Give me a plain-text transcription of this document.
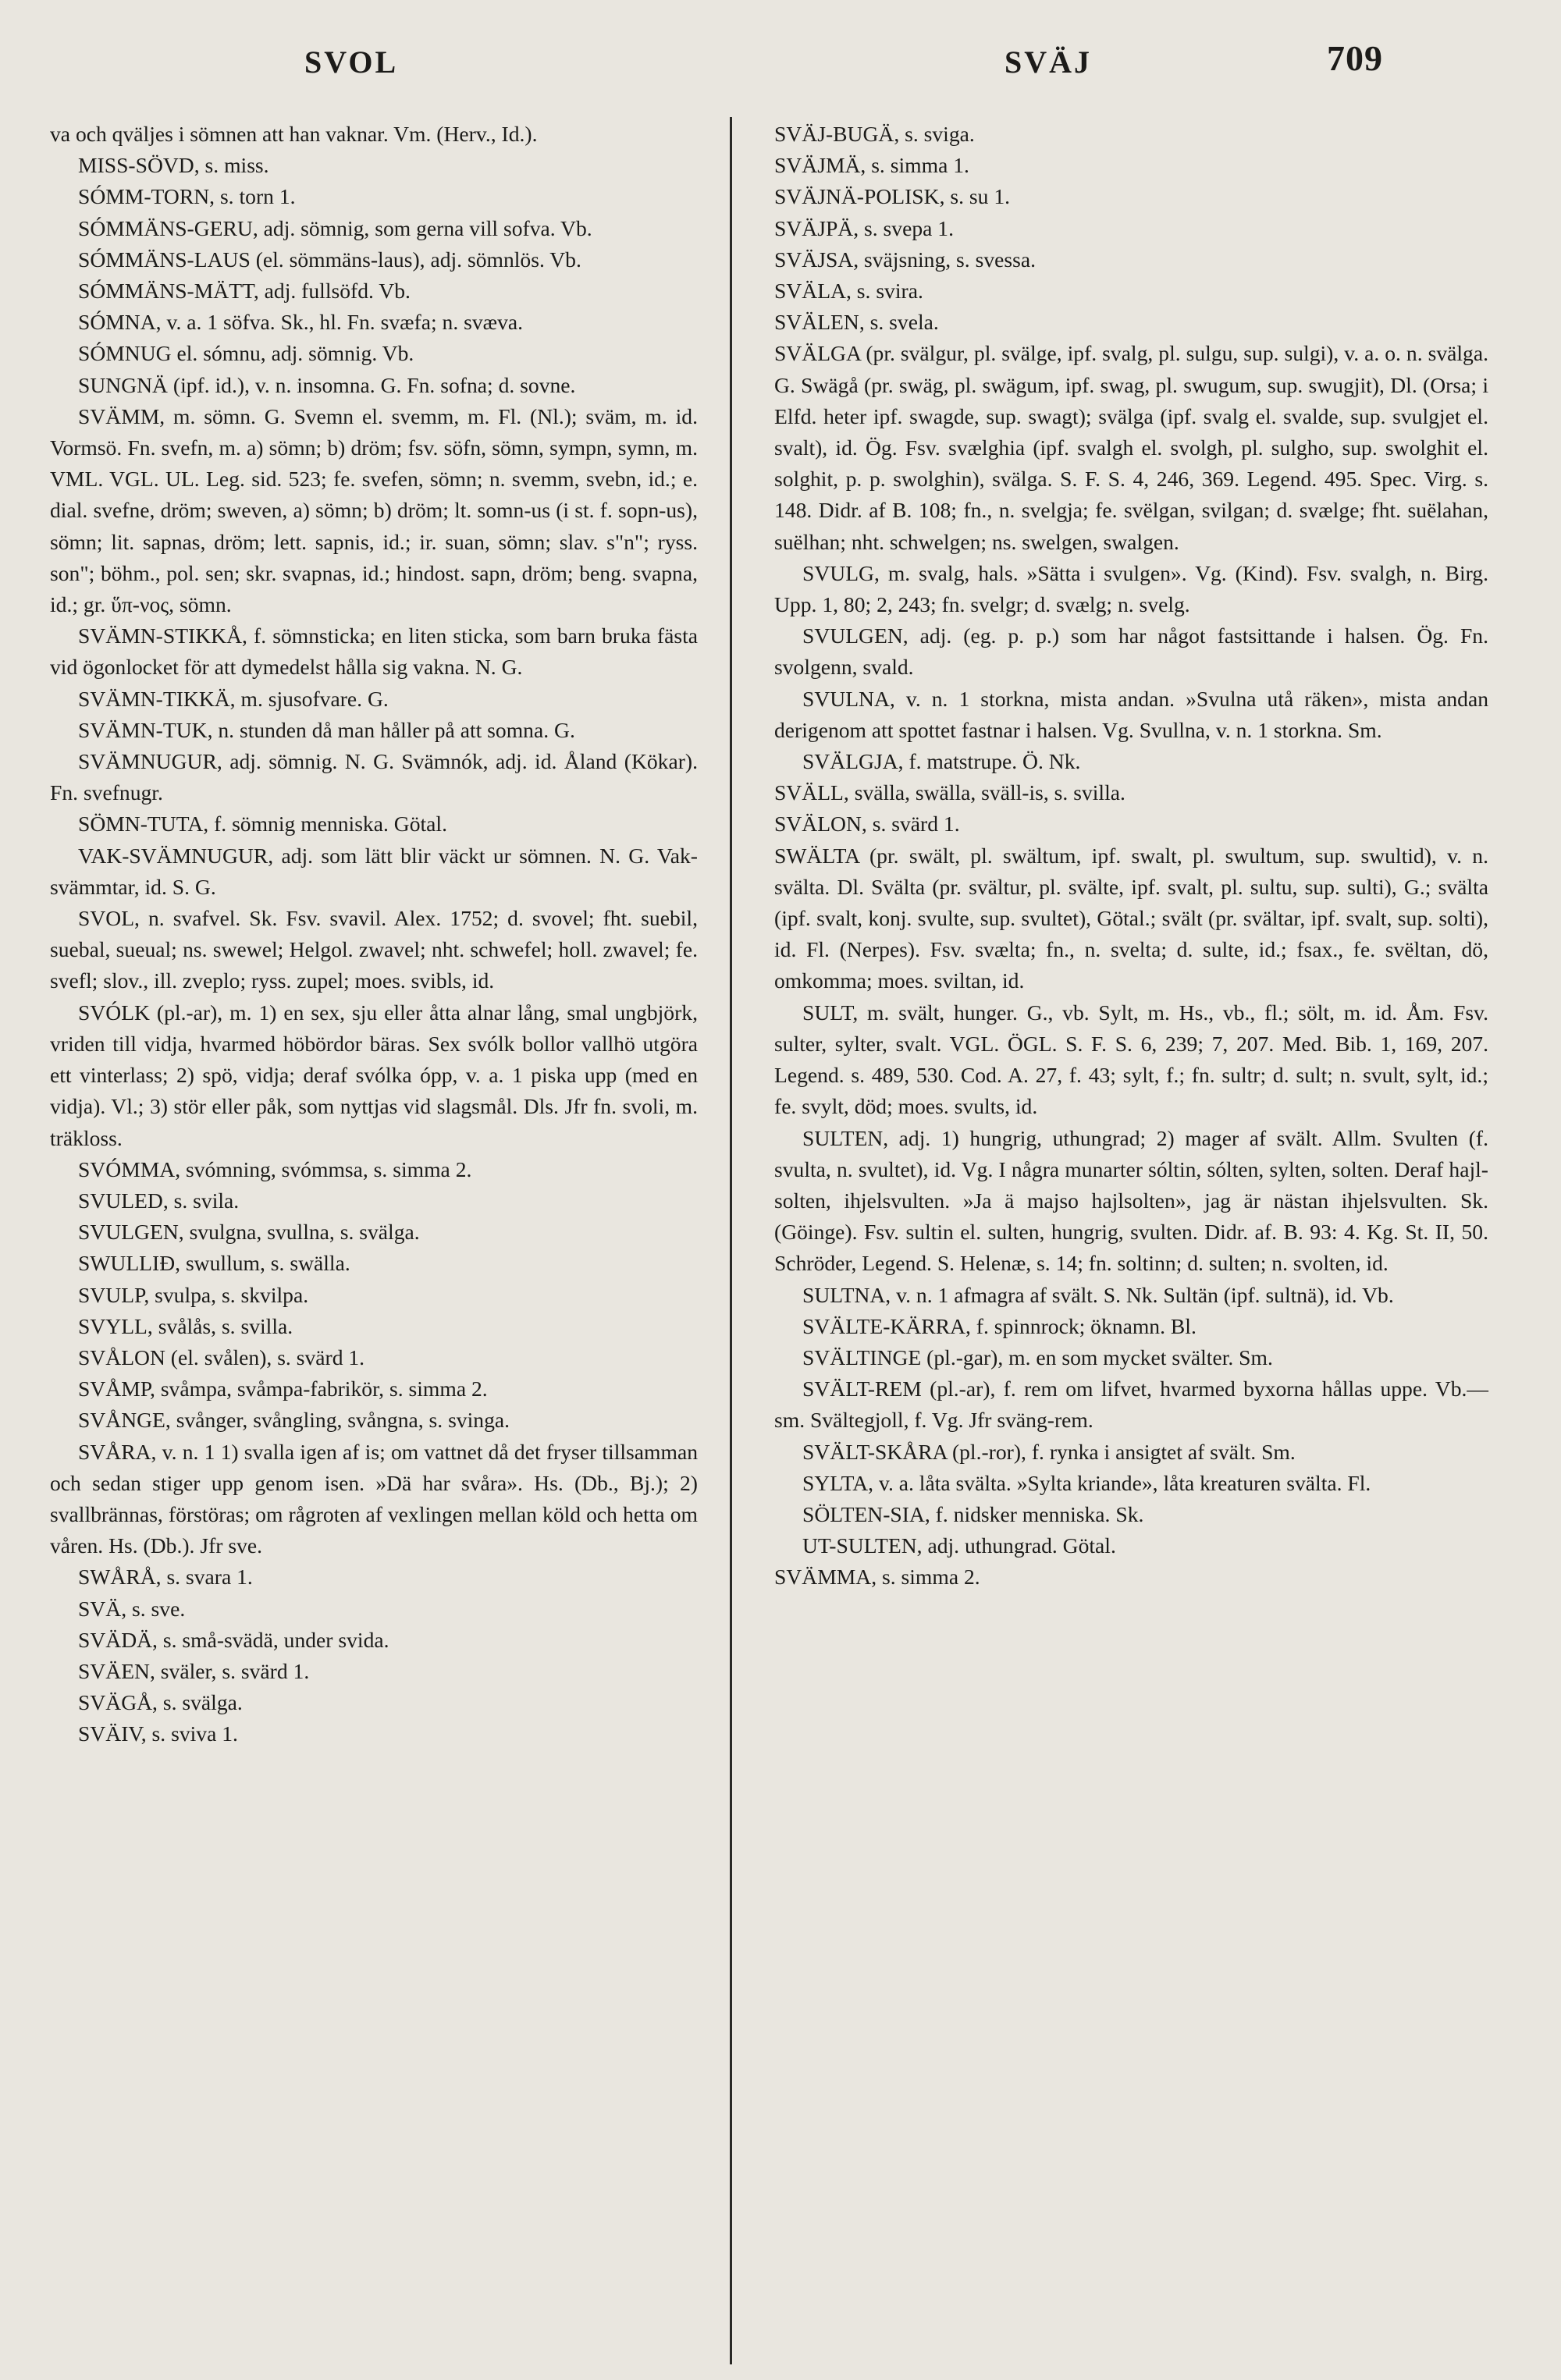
SVOL	SVÄJ	709
va och qväljes i sömnen att han vaknar. Vm. (Herv., Id.).
MISS-SÖVD, s. miss.
SÓMM-TORN, s. torn 1.
SÓMMÄNS-GERU, adj. sömnig, som gerna vill sofva. Vb.
SÓMMÄNS-LAUS (el. sömmäns-laus), adj. sömnlös. Vb.
SÓMMÄNS-MÄTT, adj. fullsöfd. Vb.
SÓMNA, v. a. 1 söfva. Sk., hl. Fn. svæfa; n. svæva.
SÓMNUG el. sómnu, adj. sömnig. Vb.
SUNGNÄ (ipf. id.), v. n. insomna. G. Fn. sofna; d. sovne.
SVÄMM, m. sömn. G. Svemn el. svemm, m. Fl. (Nl.); sväm, m. id. Vormsö. Fn. svefn, m. a) sömn; b) dröm; fsv. söfn, sömn, sympn, symn, m. VML. VGL. UL. Leg. sid. 523; fe. svefen, sömn; n. svemm, svebn, id.; e. dial. svefne, dröm; sweven, a) sömn; b) dröm; lt. somn-us (i st. f. sopn-us), sömn; lit. sapnas, dröm; lett. sapnis, id.; ir. suan, sömn; slav. s"n"; ryss. son"; böhm., pol. sen; skr. svapnas, id.; hindost. sapn, dröm; beng. svapna, id.; gr. ὕπ-νος, sömn.
SVÄMN-STIKKÅ, f. sömnsticka; en liten sticka, som barn bruka fästa vid ögonlocket för att dymedelst hålla sig vakna. N. G.
SVÄMN-TIKKÄ, m. sjusofvare. G.
SVÄMN-TUK, n. stunden då man håller på att somna. G.
SVÄMNUGUR, adj. sömnig. N. G. Svämnók, adj. id. Åland (Kökar). Fn. svefnugr.
SÖMN-TUTA, f. sömnig menniska. Götal.
VAK-SVÄMNUGUR, adj. som lätt blir väckt ur sömnen. N. G. Vak-svämmtar, id. S. G.
SVOL, n. svafvel. Sk. Fsv. svavil. Alex. 1752; d. svovel; fht. suebil, suebal, sueual; ns. swewel; Helgol. zwavel; nht. schwefel; holl. zwavel; fe. svefl; slov., ill. zveplo; ryss. zupel; moes. svibls, id.
SVÓLK (pl.-ar), m. 1) en sex, sju eller åtta alnar lång, smal ungbjörk, vriden till vidja, hvarmed höbördor bäras. Sex svólk bollor vallhö utgöra ett vinterlass; 2) spö, vidja; deraf svólka ópp, v. a. 1 piska upp (med en vidja). Vl.; 3) stör eller påk, som nyttjas vid slagsmål. Dls. Jfr fn. svoli, m. träkloss.
SVÓMMA, svómning, svómmsa, s. simma 2.
SVULED, s. svila.
SVULGEN, svulgna, svullna, s. svälga.
SWULLIÐ, swullum, s. swälla.
SVULP, svulpa, s. skvilpa.
SVYLL, svålås, s. svilla.
SVÅLON (el. svålen), s. svärd 1.
SVÅMP, svåmpa, svåmpa-fabrikör, s. simma 2.
SVÅNGE, svånger, svångling, svångna, s. svinga.
SVÅRA, v. n. 1 1) svalla igen af is; om vattnet då det fryser tillsamman och sedan stiger upp genom isen. »Dä har svåra». Hs. (Db., Bj.); 2) svallbrännas, förstöras; om rågroten af vexlingen mellan köld och hetta om våren. Hs. (Db.). Jfr sve.
SWÅRÅ, s. svara 1.
SVÄ, s. sve.
SVÄDÄ, s. små-svädä, under svida.
SVÄEN, sväler, s. svärd 1.
SVÄGÅ, s. svälga.
SVÄIV, s. sviva 1.
SVÄJ-BUGÄ, s. sviga.
SVÄJMÄ, s. simma 1.
SVÄJNÄ-POLISK, s. su 1.
SVÄJPÄ, s. svepa 1.
SVÄJSA, sväjsning, s. svessa.
SVÄLA, s. svira.
SVÄLEN, s. svela.
SVÄLGA (pr. svälgur, pl. svälge, ipf. svalg, pl. sulgu, sup. sulgi), v. a. o. n. svälga. G. Swägå (pr. swäg, pl. swägum, ipf. swag, pl. swugum, sup. swugjit), Dl. (Orsa; i Elfd. heter ipf. swagde, sup. swagt); svälga (ipf. svalg el. svalde, sup. svulgjet el. svalt), id. Ög. Fsv. svælghia (ipf. svalgh el. svolgh, pl. sulgho, sup. swolghit el. solghit, p. p. swolghin), svälga. S. F. S. 4, 246, 369. Legend. 495. Spec. Virg. s. 148. Didr. af B. 108; fn., n. svelgja; fe. svëlgan, svilgan; d. svælge; fht. suëlahan, suëlhan; nht. schwelgen; ns. swelgen, swalgen.
SVULG, m. svalg, hals. »Sätta i svulgen». Vg. (Kind). Fsv. svalgh, n. Birg. Upp. 1, 80; 2, 243; fn. svelgr; d. svælg; n. svelg.
SVULGEN, adj. (eg. p. p.) som har något fastsittande i halsen. Ög. Fn. svolgenn, svald.
SVULNA, v. n. 1 storkna, mista andan. »Svulna utå räken», mista andan derigenom att spottet fastnar i halsen. Vg. Svullna, v. n. 1 storkna. Sm.
SVÄLGJA, f. matstrupe. Ö. Nk.
SVÄLL, svälla, swälla, sväll-is, s. svilla.
SVÄLON, s. svärd 1.
SWÄLTA (pr. swält, pl. swältum, ipf. swalt, pl. swultum, sup. swultid), v. n. svälta. Dl. Svälta (pr. svältur, pl. svälte, ipf. svalt, pl. sultu, sup. sulti), G.; svälta (ipf. svalt, konj. svulte, sup. svultet), Götal.; svält (pr. svältar, ipf. svalt, sup. solti), id. Fl. (Nerpes). Fsv. svælta; fn., n. svelta; d. sulte, id.; fsax., fe. svëltan, dö, omkomma; moes. sviltan, id.
SULT, m. svält, hunger. G., vb. Sylt, m. Hs., vb., fl.; sölt, m. id. Åm. Fsv. sulter, sylter, svalt. VGL. ÖGL. S. F. S. 6, 239; 7, 207. Med. Bib. 1, 169, 207. Legend. s. 489, 530. Cod. A. 27, f. 43; sylt, f.; fn. sultr; d. sult; n. svult, sylt, id.; fe. svylt, död; moes. svults, id.
SULTEN, adj. 1) hungrig, uthungrad; 2) mager af svält. Allm. Svulten (f. svulta, n. svultet), id. Vg. I några munarter sóltin, sólten, sylten, solten. Deraf hajl-solten, ihjelsvulten. »Ja ä majso hajlsolten», jag är nästan ihjelsvulten. Sk. (Göinge). Fsv. sultin el. sulten, hungrig, svulten. Didr. af. B. 93: 4. Kg. St. II, 50. Schröder, Legend. S. Helenæ, s. 14; fn. soltinn; d. sulten; n. svolten, id.
SULTNA, v. n. 1 afmagra af svält. S. Nk. Sultän (ipf. sultnä), id. Vb.
SVÄLTE-KÄRRA, f. spinnrock; öknamn. Bl.
SVÄLTINGE (pl.-gar), m. en som mycket svälter. Sm.
SVÄLT-REM (pl.-ar), f. rem om lifvet, hvarmed byxorna hållas uppe. Vb.—sm. Svältegjoll, f. Vg. Jfr sväng-rem.
SVÄLT-SKÅRA (pl.-ror), f. rynka i ansigtet af svält. Sm.
SYLTA, v. a. låta svälta. »Sylta kriande», låta kreaturen svälta. Fl.
SÖLTEN-SIA, f. nidsker menniska. Sk.
UT-SULTEN, adj. uthungrad. Götal.
SVÄMMA, s. simma 2.
